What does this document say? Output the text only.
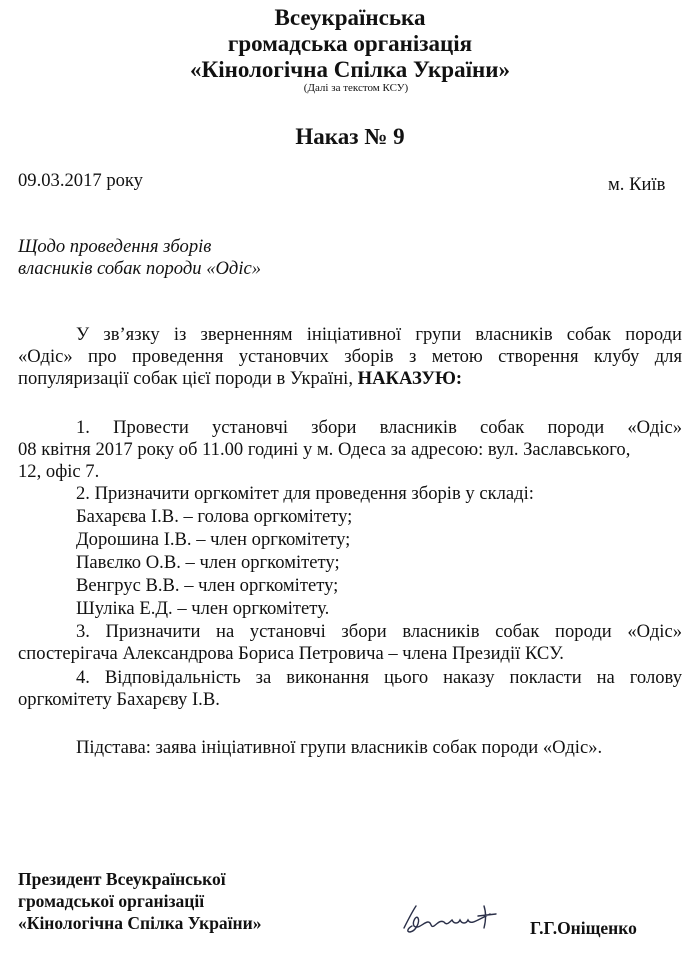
Всеукраїнська
громадська організація
«Кінологічна Спілка України»
(Далі за текстом КСУ)
Наказ № 9
09.03.2017 року	м. Київ
Щодо проведення зборів
власників собак породи «Одіс»
У зв’язку із зверненням ініціативної групи власників собак породи
«Одіс» про проведення установчих зборів з метою створення клубу для
популяризації собак цієї породи в Україні, НАКАЗУЮ:
1. Провести установчі збори власників собак породи «Одіс»
08 квітня 2017 року об 11.00 годині у м. Одеса за адресою: вул. Заславського,
12, офіс 7.
2. Призначити оргкомітет для проведення зборів у складі:
Бахарєва І.В. – голова оргкомітету;
Дорошина І.В. – член оргкомітету;
Павєлко О.В. – член оргкомітету;
Венгрус В.В. – член оргкомітету;
Шуліка Е.Д. – член оргкомітету.
3. Призначити на установчі збори власників собак породи «Одіс»
спостерігача Александрова Бориса Петровича – члена Президії КСУ.
4. Відповідальність за виконання цього наказу покласти на голову
оргкомітету Бахарєву І.В.
Підстава: заява ініціативної групи власників собак породи «Одіс».
Президент Всеукраїнської
громадської організації
«Кінологічна Спілка України»	Г.Г.Оніщенко
